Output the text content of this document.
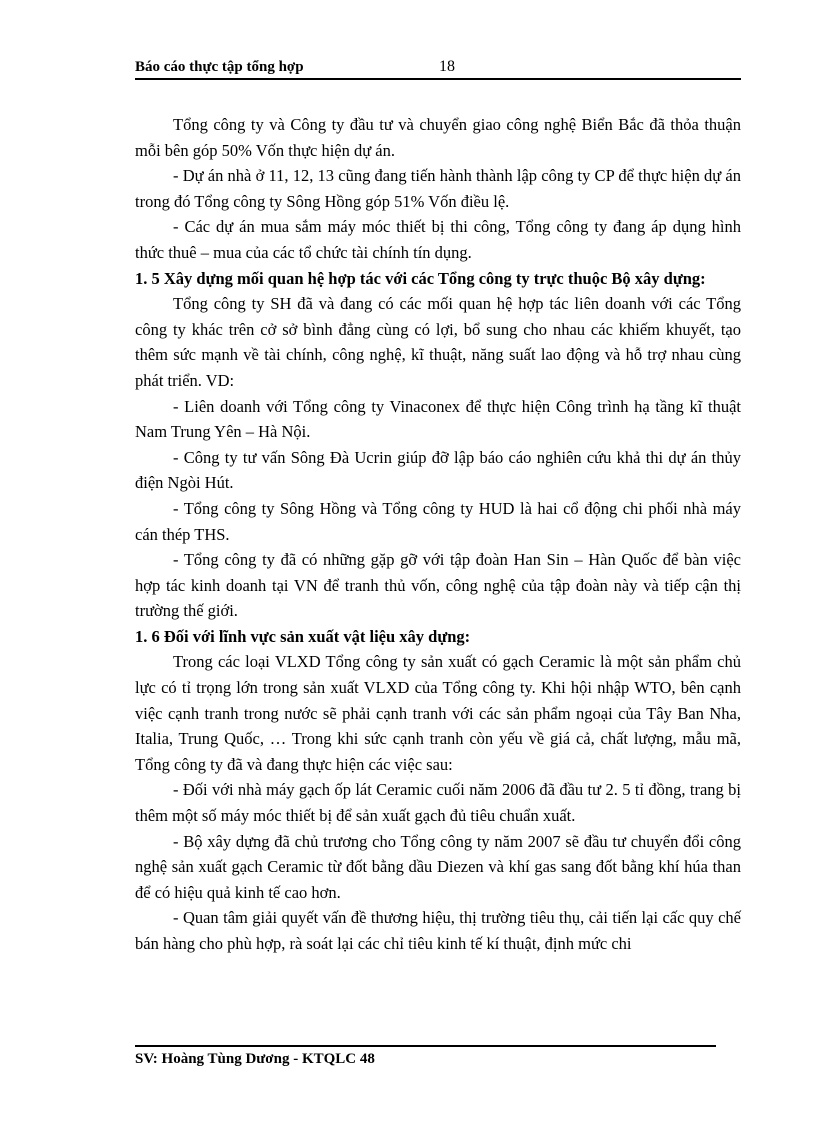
Báo cáo thực tập tổng hợp	18

Tổng công ty và Công ty đầu tư và chuyển giao công nghệ Biển Bắc đã thỏa thuận mỗi bên góp 50% Vốn thực hiện dự án.

- Dự án nhà ở 11, 12, 13 cũng đang tiến hành thành lập công ty CP để thực hiện dự án trong đó Tổng công ty Sông Hồng góp 51% Vốn điều lệ.

- Các dự án mua sắm máy móc thiết bị thi công, Tổng công ty đang áp dụng hình thức thuê – mua của các tổ chức tài chính tín dụng.

1. 5 Xây dựng mối quan hệ hợp tác với các Tổng công ty trực thuộc Bộ xây dựng:

Tổng công ty SH đã và đang có các mối quan hệ hợp tác liên doanh với các Tổng công ty khác trên cở sở bình đẳng cùng có lợi, bổ sung cho nhau các khiếm khuyết, tạo thêm sức mạnh về tài chính, công nghệ, kĩ thuật, năng suất lao động và hỗ trợ nhau cùng phát triển. VD:

- Liên doanh với Tổng công ty Vinaconex để thực hiện Công trình hạ tầng kĩ thuật Nam Trung Yên – Hà Nội.

- Công ty tư vấn Sông Đà Ucrin giúp đỡ lập báo cáo nghiên cứu khả thi dự án thủy điện Ngòi Hút.

- Tổng công ty Sông Hồng và Tổng công ty HUD là hai cổ động chi phối nhà máy cán thép THS.

- Tổng công ty đã có những gặp gỡ với tập đoàn Han Sin – Hàn Quốc để bàn việc hợp tác kinh doanh tại VN để tranh thủ vốn, công nghệ của tập đoàn này và tiếp cận thị trường thế giới.

1. 6 Đối với lĩnh vực sản xuất vật liệu xây dựng:

Trong các loại VLXD Tổng công ty sản xuất có gạch Ceramic là một sản phẩm chủ lực có tỉ trọng lớn trong sản xuất VLXD của Tổng công ty. Khi hội nhập WTO, bên cạnh việc cạnh tranh trong nước sẽ phải cạnh tranh với các sản phẩm ngoại của Tây Ban Nha, Italia, Trung Quốc, … Trong khi sức cạnh tranh còn yếu về giá cả, chất lượng, mẫu mã, Tổng công ty đã và đang thực hiện các việc sau:

- Đối với nhà máy gạch ốp lát Ceramic cuối năm 2006 đã đầu tư 2. 5 tỉ đồng, trang bị thêm một số máy móc thiết bị để sản xuất gạch đủ tiêu chuẩn xuất.

- Bộ xây dựng đã chủ trương cho Tổng công ty năm 2007 sẽ đầu tư chuyển đổi công nghệ sản xuất gạch Ceramic từ đốt bằng dầu Diezen và khí gas sang đốt bằng khí húa than để có hiệu quả kinh tế cao hơn.

- Quan tâm giải quyết vấn đề thương hiệu, thị trường tiêu thụ, cải tiến lại cấc quy chế bán hàng cho phù hợp, rà soát lại các chỉ tiêu kinh tế kí thuật, định mức chi

SV: Hoàng Tùng Dương - KTQLC 48
